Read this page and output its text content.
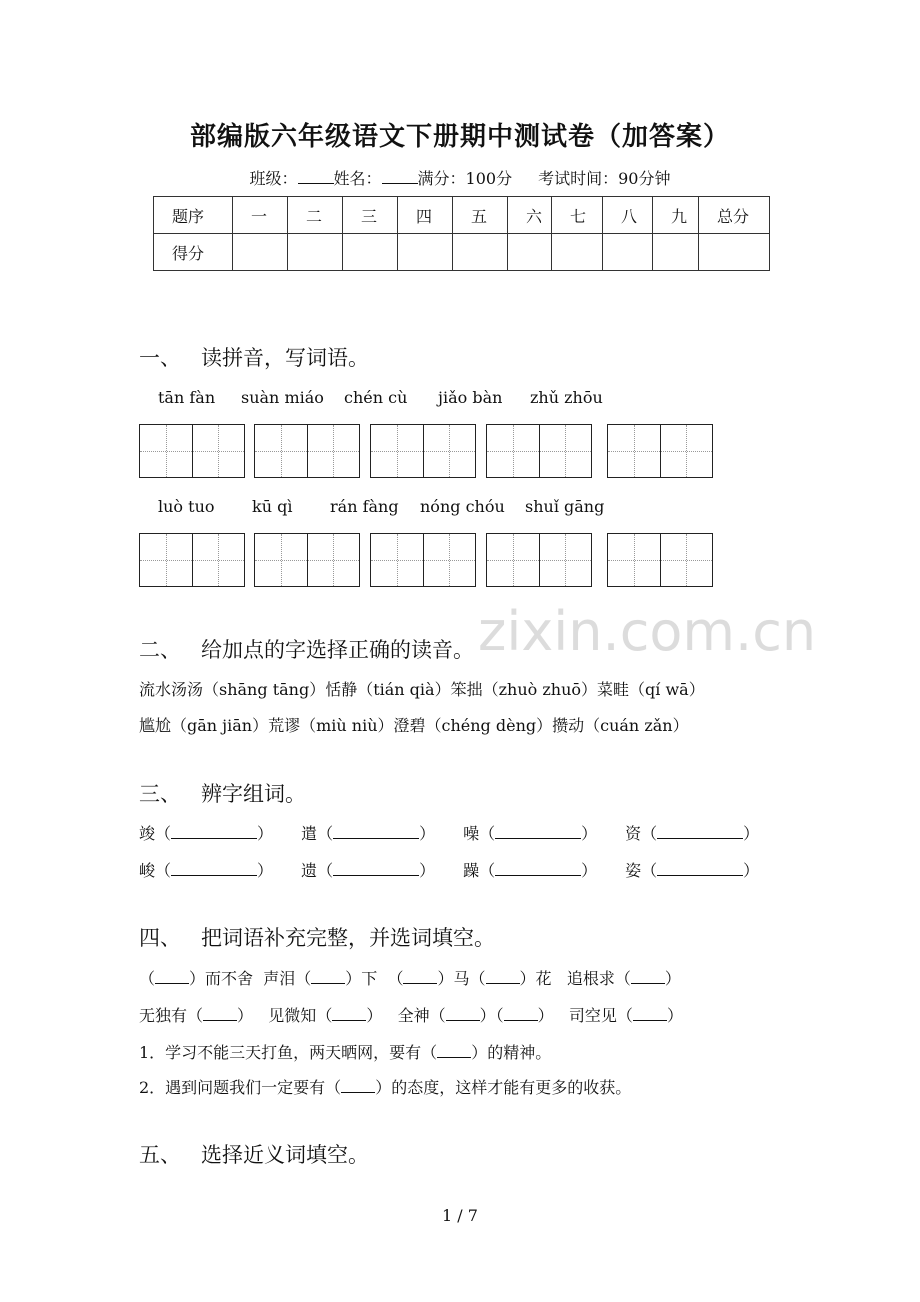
部编版六年级语文下册期中测试卷（加答案）
班级： 姓名： 满分：100分 考试时间：90分钟
题序	一	二	三	四	五	六	七	八	九	总分
得分										
一、 读拼音，写词语。
tān fàn suàn miáo chén cù jiǎo bàn zhǔ zhōu
luò tuo kū qì rán fàng nóng chóu shuǐ gāng
zixin.com.cn
二、 给加点的字选择正确的读音。
流水汤汤（shāng tāng）恬静（tián qià）笨拙（zhuò zhuō）菜畦（qí wā）
尴尬（gān jiān）荒谬（miù niù）澄碧（chéng dèng）攒动（cuán zǎn）
三、 辨字组词。
竣（	） 遣（	） 噪（	） 资（	）
峻（	） 遗（	） 躁（	） 姿（	）
四、 把词语补充完整，并选词填空。
（ ）而不舍 声泪（ ）下  （ ）马（ ）花 追根求（ ）
无独有（ ）   见微知（ ）   全神（ ）（ ）   司空见（ ）
1．学习不能三天打鱼，两天晒网，要有（ ）的精神。
2．遇到问题我们一定要有（ ）的态度，这样才能有更多的收获。
五、 选择近义词填空。
1 / 7
